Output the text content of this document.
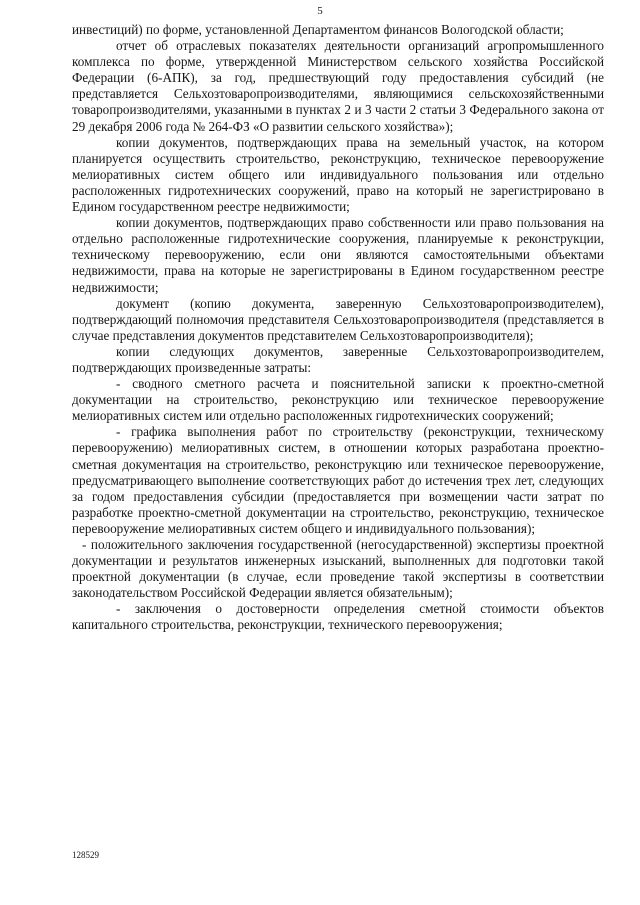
5

инвестиций) по форме, установленной Департаментом финансов Вологодской области;

отчет об отраслевых показателях деятельности организаций агропромышленного комплекса по форме, утвержденной Министерством сельского хозяйства Российской Федерации (6-АПК), за год, предшествующий году предоставления субсидий (не представляется Сельхозтоваропроизводителями, являющимися сельскохозяйственными товаропроизводителями, указанными в пунктах 2 и 3 части 2 статьи 3 Федерального закона от 29 декабря 2006 года № 264-ФЗ «О развитии сельского хозяйства»);

копии документов, подтверждающих права на земельный участок, на котором планируется осуществить строительство, реконструкцию, техническое перевооружение мелиоративных систем общего или индивидуального пользования или отдельно расположенных гидротехнических сооружений, право на который не зарегистрировано в Едином государственном реестре недвижимости;

копии документов, подтверждающих право собственности или право пользования на отдельно расположенные гидротехнические сооружения, планируемые к реконструкции, техническому перевооружению, если они являются самостоятельными объектами недвижимости, права на которые не зарегистрированы в Едином государственном реестре недвижимости;

документ (копию документа, заверенную Сельхозтоваропроизводителем), подтверждающий полномочия представителя Сельхозтоваропроизводителя (представляется в случае представления документов представителем Сельхозтоваропроизводителя);

копии следующих документов, заверенные Сельхозтоваропроизводителем, подтверждающих произведенные затраты:

- сводного сметного расчета и пояснительной записки к проектно-сметной документации на строительство, реконструкцию или техническое перевооружение мелиоративных систем или отдельно расположенных гидротехнических сооружений;

- графика выполнения работ по строительству (реконструкции, техническому перевооружению) мелиоративных систем, в отношении которых разработана проектно-сметная документация на строительство, реконструкцию или техническое перевооружение, предусматривающего выполнение соответствующих работ до истечения трех лет, следующих за годом предоставления субсидии (предоставляется при возмещении части затрат по разработке проектно-сметной документации на строительство, реконструкцию, техническое перевооружение мелиоративных систем общего и индивидуального пользования);

- положительного заключения государственной (негосударственной) экспертизы проектной документации и результатов инженерных изысканий, выполненных для подготовки такой проектной документации (в случае, если проведение такой экспертизы в соответствии законодательством Российской Федерации является обязательным);

- заключения о достоверности определения сметной стоимости объектов капитального строительства, реконструкции, технического перевооружения;

128529
